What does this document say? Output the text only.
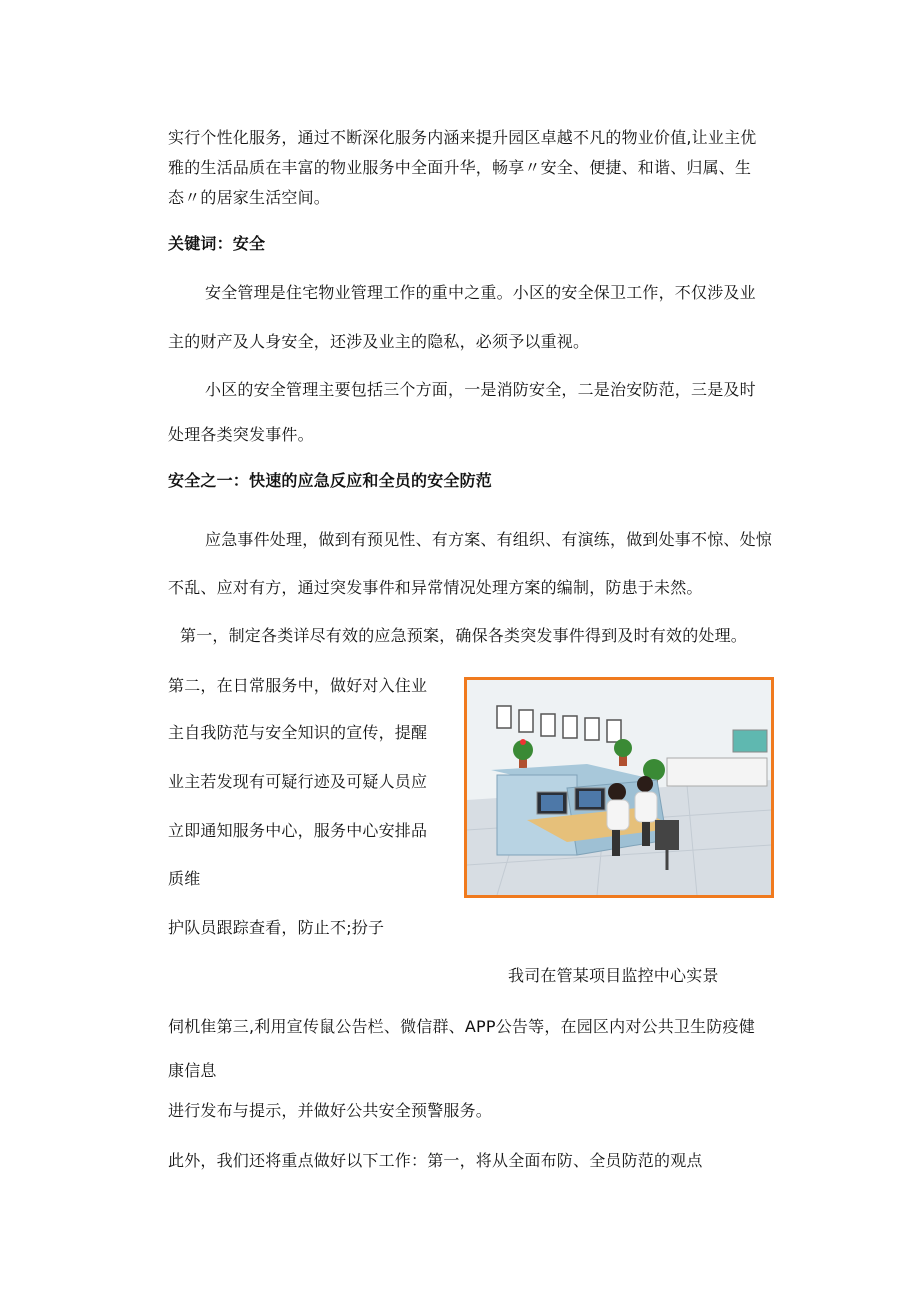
实行个性化服务，通过不断深化服务内涵来提升园区卓越不凡的物业价值,让业主优
雅的生活品质在丰富的物业服务中全面升华，畅享〃安全、便捷、和谐、归属、生
态〃的居家生活空间。
关键词：安全
安全管理是住宅物业管理工作的重中之重。小区的安全保卫工作，不仅涉及业
主的财产及人身安全，还涉及业主的隐私，必须予以重视。
小区的安全管理主要包括三个方面，一是消防安全，二是治安防范，三是及时
处理各类突发事件。
安全之一：快速的应急反应和全员的安全防范
应急事件处理，做到有预见性、有方案、有组织、有演练，做到处事不惊、处惊
不乱、应对有方，通过突发事件和异常情况处理方案的编制，防患于未然。
第一，制定各类详尽有效的应急预案，确保各类突发事件得到及时有效的处理。
第二，在日常服务中，做好对入住业
主自我防范与安全知识的宣传，提醒
业主若发现有可疑行迹及可疑人员应
立即通知服务中心，服务中心安排品
质维
护队员跟踪查看，防止不;扮子
我司在管某项目监控中心实景
伺机隹第三,利用宣传鼠公告栏、微信群、APP公告等，在园区内对公共卫生防疫健
康信息
进行发布与提示，并做好公共安全预警服务。
此外，我们还将重点做好以下工作：第一，将从全面布防、全员防范的观点
